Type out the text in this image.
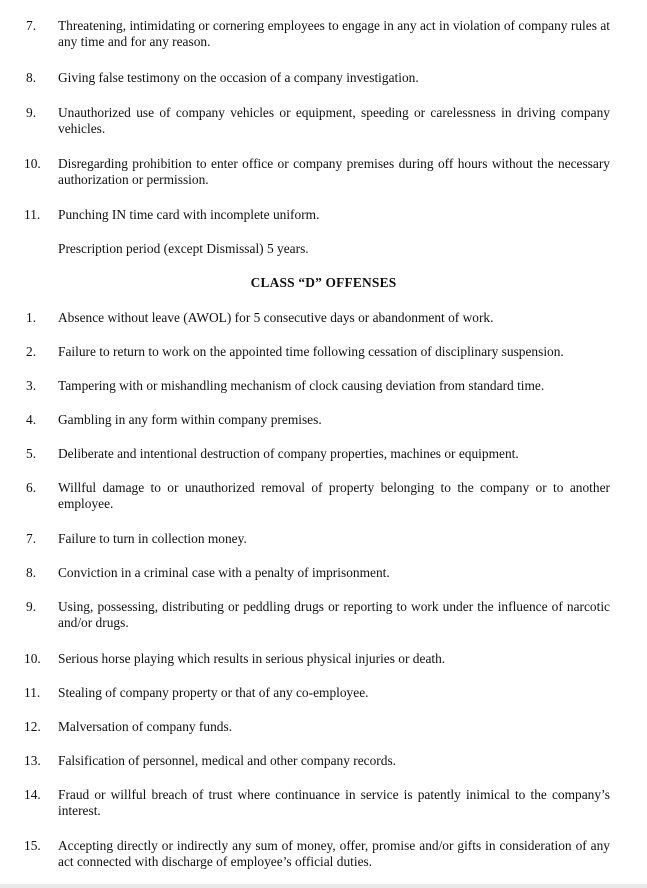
7.	Threatening, intimidating or cornering employees to engage in any act in violation of company rules at any time and for any reason.
8.	Giving false testimony on the occasion of a company investigation.
9.	Unauthorized use of company vehicles or equipment, speeding or carelessness in driving company vehicles.
10.	Disregarding prohibition to enter office or company premises during off hours without the necessary authorization or permission.
11.	Punching IN time card with incomplete uniform.
Prescription period (except Dismissal) 5 years.
CLASS “D” OFFENSES
1.	Absence without leave (AWOL) for 5 consecutive days or abandonment of work.
2.	Failure to return to work on the appointed time following cessation of disciplinary suspension.
3.	Tampering with or mishandling mechanism of clock causing deviation from standard time.
4.	Gambling in any form within company premises.
5.	Deliberate and intentional destruction of company properties, machines or equipment.
6.	Willful damage to or unauthorized removal of property belonging to the company or to another employee.
7.	Failure to turn in collection money.
8.	Conviction in a criminal case with a penalty of imprisonment.
9.	Using, possessing, distributing or peddling drugs or reporting to work under the influence of narcotic and/or drugs.
10.	Serious horse playing which results in serious physical injuries or death.
11.	Stealing of company property or that of any co-employee.
12.	Malversation of company funds.
13.	Falsification of personnel, medical and other company records.
14.	Fraud or willful breach of trust where continuance in service is patently inimical to the company’s interest.
15.	Accepting directly or indirectly any sum of money, offer, promise and/or gifts in consideration of any act connected with discharge of employee’s official duties.
